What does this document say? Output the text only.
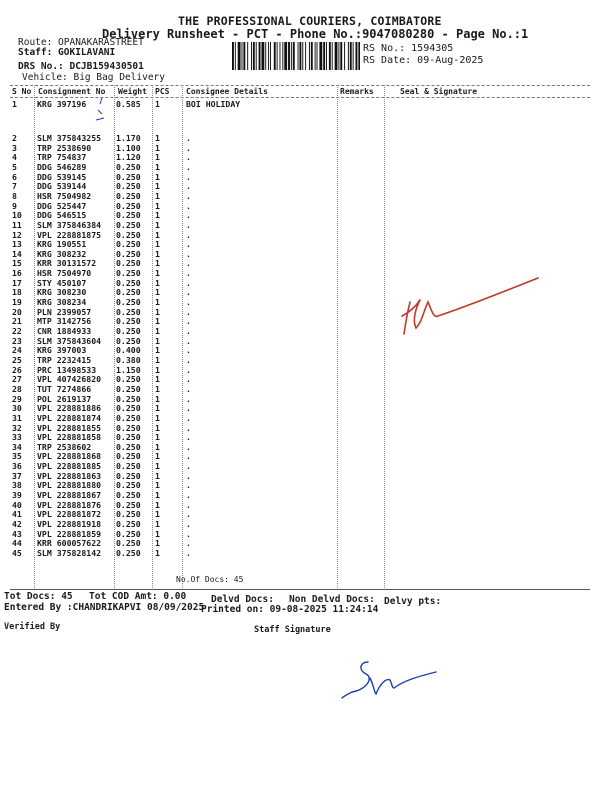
THE PROFESSIONAL COURIERS, COIMBATORE
Delivery Runsheet - PCT - Phone No.:9047080280 - Page No.:1
Route: OPANAKARASTREET
Staff: GOKILAVANI
DRS No.: DCJB159430501
Vehicle: Big Bag Delivery
RS No.: 1594305
RS Date: 09-Aug-2025
S No Consignment No Weight PCS Consignee Details	Remarks	Seal & Signature
1 KRG 397196	0.585 1	BOI HOLIDAY
2 SLM 375843255 1.170 1	.
3 TRP 2538690	1.100 1	.
4 TRP 754837	1.120 1	.
5 DDG 546289	0.250 1	.
6 DDG 539145	0.250 1	.
7 DDG 539144	0.250 1	.
8 HSR 7504982	0.250 1	.
9 DDG 525447	0.250 1	.
10 DDG 546515	0.250 1	.
11 SLM 375846384 0.250 1	.
12 VPL 228881875 0.250 1	.
13 KRG 190551	0.250 1	.
14 KRG 308232	0.250 1	.
15 KRR 30131572 0.250 1	.
16 HSR 7504970	0.250 1	.
17 STY 450107	0.250 1	.
18 KRG 308230	0.250 1	.
19 KRG 308234	0.250 1	.
20 PLN 2399057	0.250 1	.
21 MTP 3142756	0.250 1	.
22 CNR 1884933	0.250 1	.
23 SLM 375843604 0.250 1	.
24 KRG 397003	0.400 1	.
25 TRP 2232415	0.380 1	.
26 PRC 13498533 1.150 1	.
27 VPL 407426820 0.250 1	.
28 TUT 7274866	0.250 1	.
29 POL 2619137	0.250 1	.
30 VPL 228881886 0.250 1	.
31 VPL 228881874 0.250 1	.
32 VPL 228881855 0.250 1	.
33 VPL 228881858 0.250 1	.
34 TRP 2538602	0.250 1	.
35 VPL 228881868 0.250 1	.
36 VPL 228881885 0.250 1	.
37 VPL 228881863 0.250 1	.
38 VPL 228881880 0.250 1	.
39 VPL 228881867 0.250 1	.
40 VPL 228881876 0.250 1	.
41 VPL 228881872 0.250 1	.
42 VPL 228881918 0.250 1	.
43 VPL 228881859 0.250 1	.
44 KRR 600057622 0.250 1	.
45 SLM 375828142 0.250 1	.
No.Of Docs: 45
Tot Docs: 45 Tot COD Amt: 0.00	Delvd Docs: Non Delvd Docs: Delvy pts:
Entered By :CHANDRIKAPVI 08/09/2025
Printed on: 09-08-2025 11:24:14
Verified By	Staff Signature
